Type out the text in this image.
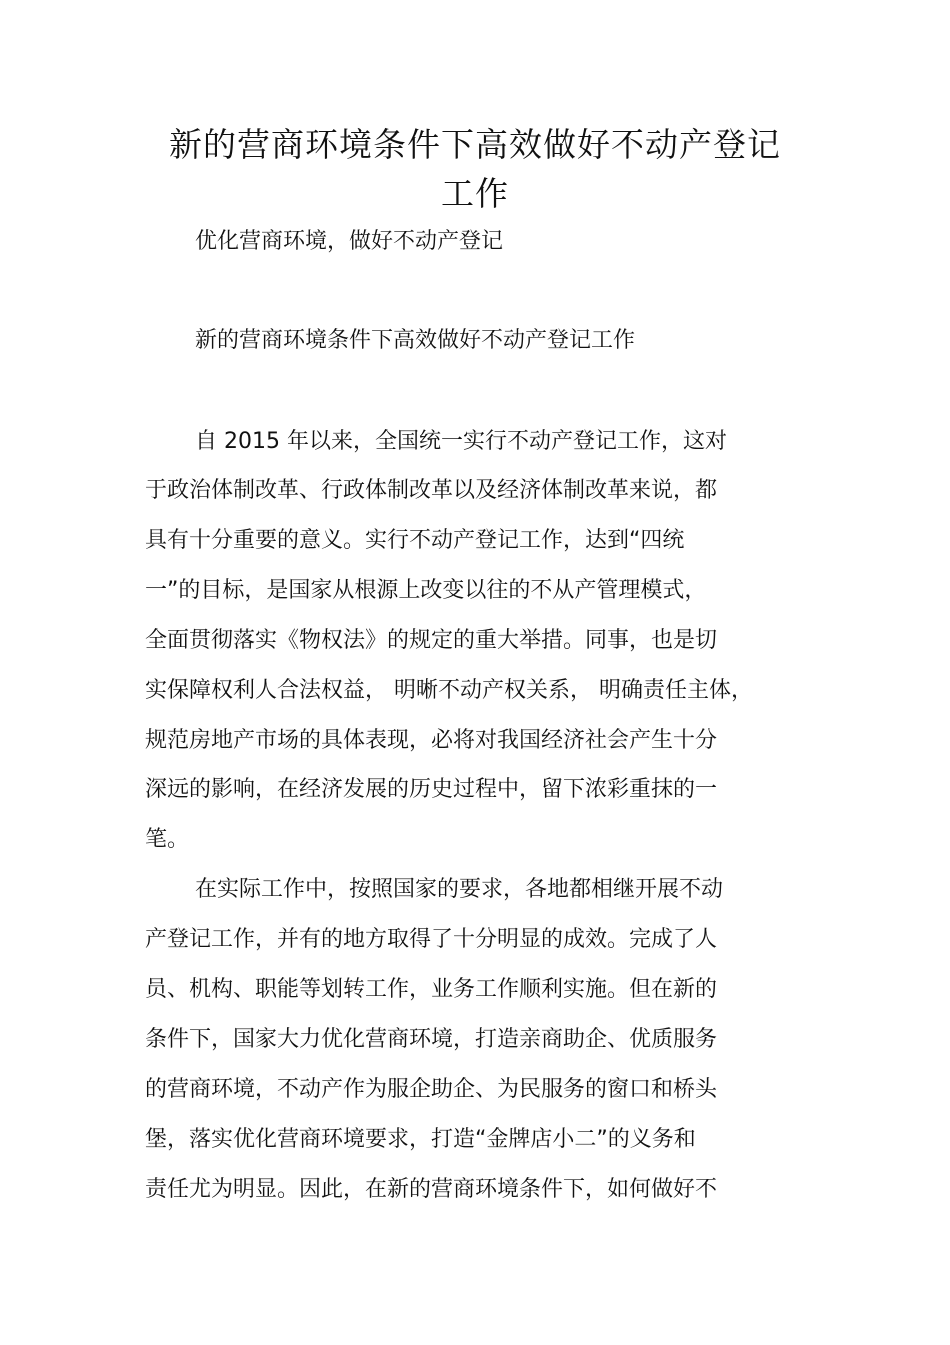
新的营商环境条件下高效做好不动产登记
工作
优化营商环境，做好不动产登记
新的营商环境条件下高效做好不动产登记工作
自 2015 年以来，全国统一实行不动产登记工作，这对
于政治体制改革、行政体制改革以及经济体制改革来说，都
具有十分重要的意义。实行不动产登记工作，达到“四统
一”的目标，是国家从根源上改变以往的不从产管理模式，
全面贯彻落实《物权法》的规定的重大举措。同事，也是切
实保障权利人合法权益， 明晰不动产权关系， 明确责任主体，
规范房地产市场的具体表现，必将对我国经济社会产生十分
深远的影响，在经济发展的历史过程中，留下浓彩重抹的一
笔。
在实际工作中，按照国家的要求，各地都相继开展不动
产登记工作，并有的地方取得了十分明显的成效。完成了人
员、机构、职能等划转工作，业务工作顺利实施。但在新的
条件下，国家大力优化营商环境，打造亲商助企、优质服务
的营商环境，不动产作为服企助企、为民服务的窗口和桥头
堡，落实优化营商环境要求，打造“金牌店小二”的义务和
责任尤为明显。因此，在新的营商环境条件下，如何做好不
